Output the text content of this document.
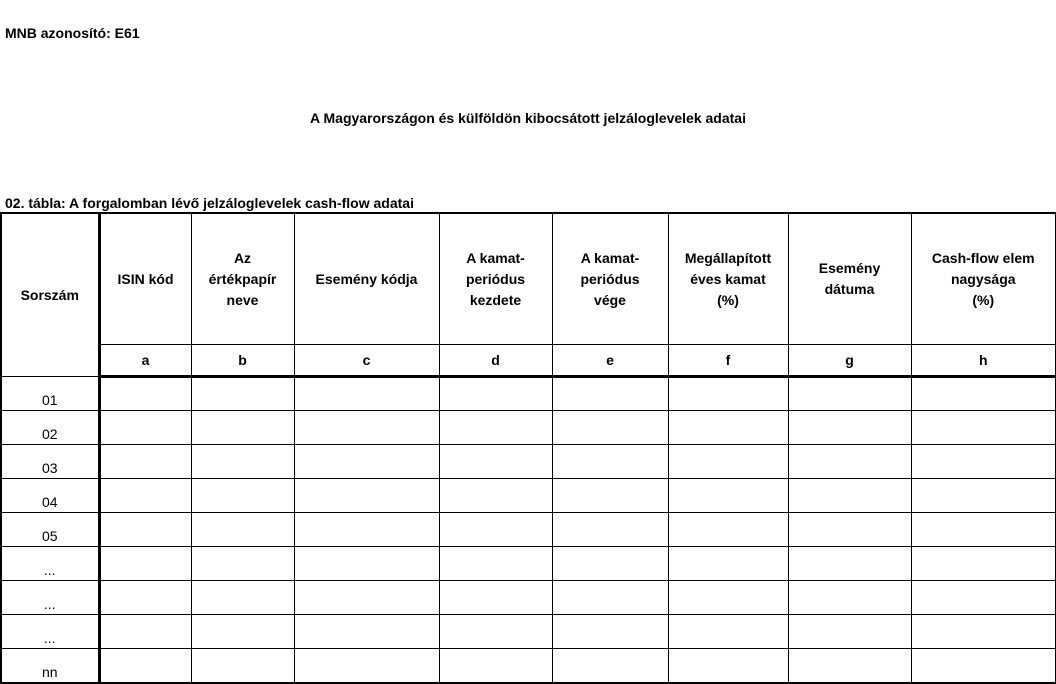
MNB azonosító: E61
A Magyarországon és külföldön kibocsátott jelzáloglevelek adatai
02. tábla: A forgalomban lévő jelzáloglevelek cash-flow adatai
Sorszám	ISIN kód	Az
értékpapír
neve	Esemény kódja	A kamat-
periódus
kezdete	A kamat-
periódus
vége	Megállapított
éves kamat
(%)	Esemény
dátuma	Cash-flow elem
nagysága
(%)
	a	b	c	d	e	f	g	h
01								
02								
03								
04								
05								
...								
...								
...								
nn								
